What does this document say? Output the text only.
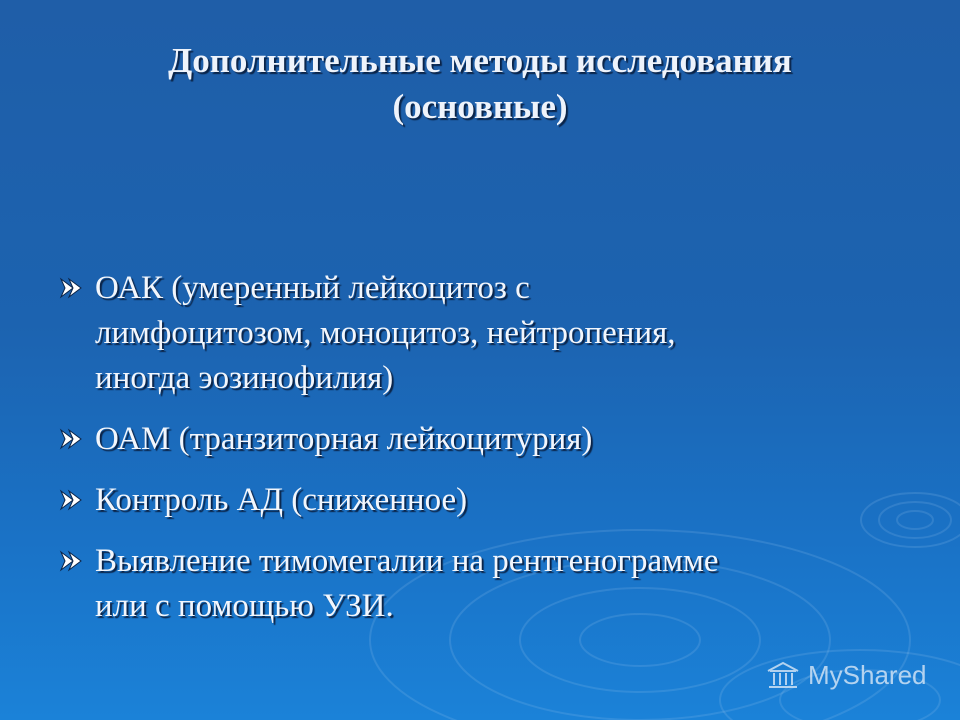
Дополнительные методы исследования
(основные)
ОАК (умеренный лейкоцитоз с
лимфоцитозом, моноцитоз, нейтропения,
иногда эозинофилия)
ОАМ (транзиторная лейкоцитурия)
Контроль АД (сниженное)
Выявление тимомегалии на рентгенограмме
или с помощью УЗИ.
MyShared
